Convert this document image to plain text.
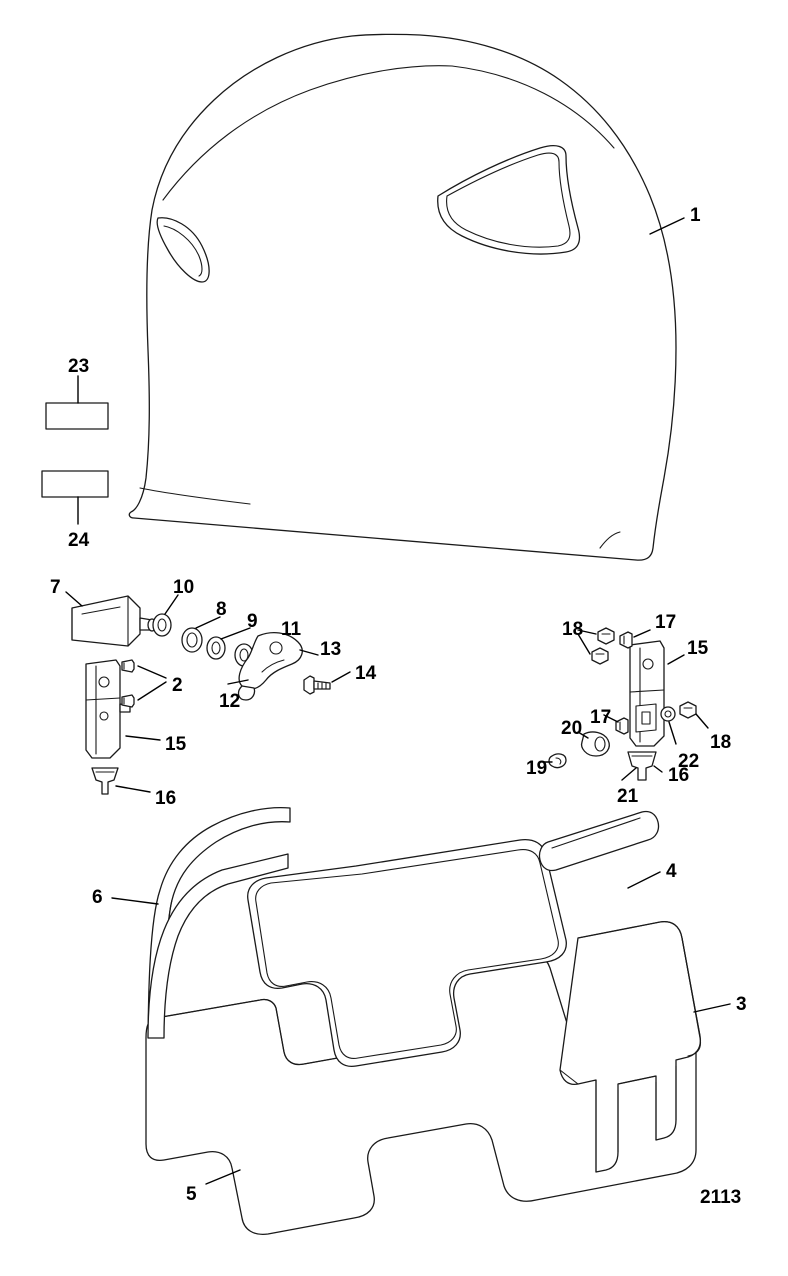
1
23
24
7	10
8
9 11
13
14
12
2
15
16
18	17
15
17
18
20
19	22
21
16
4
6
3
5	2113
